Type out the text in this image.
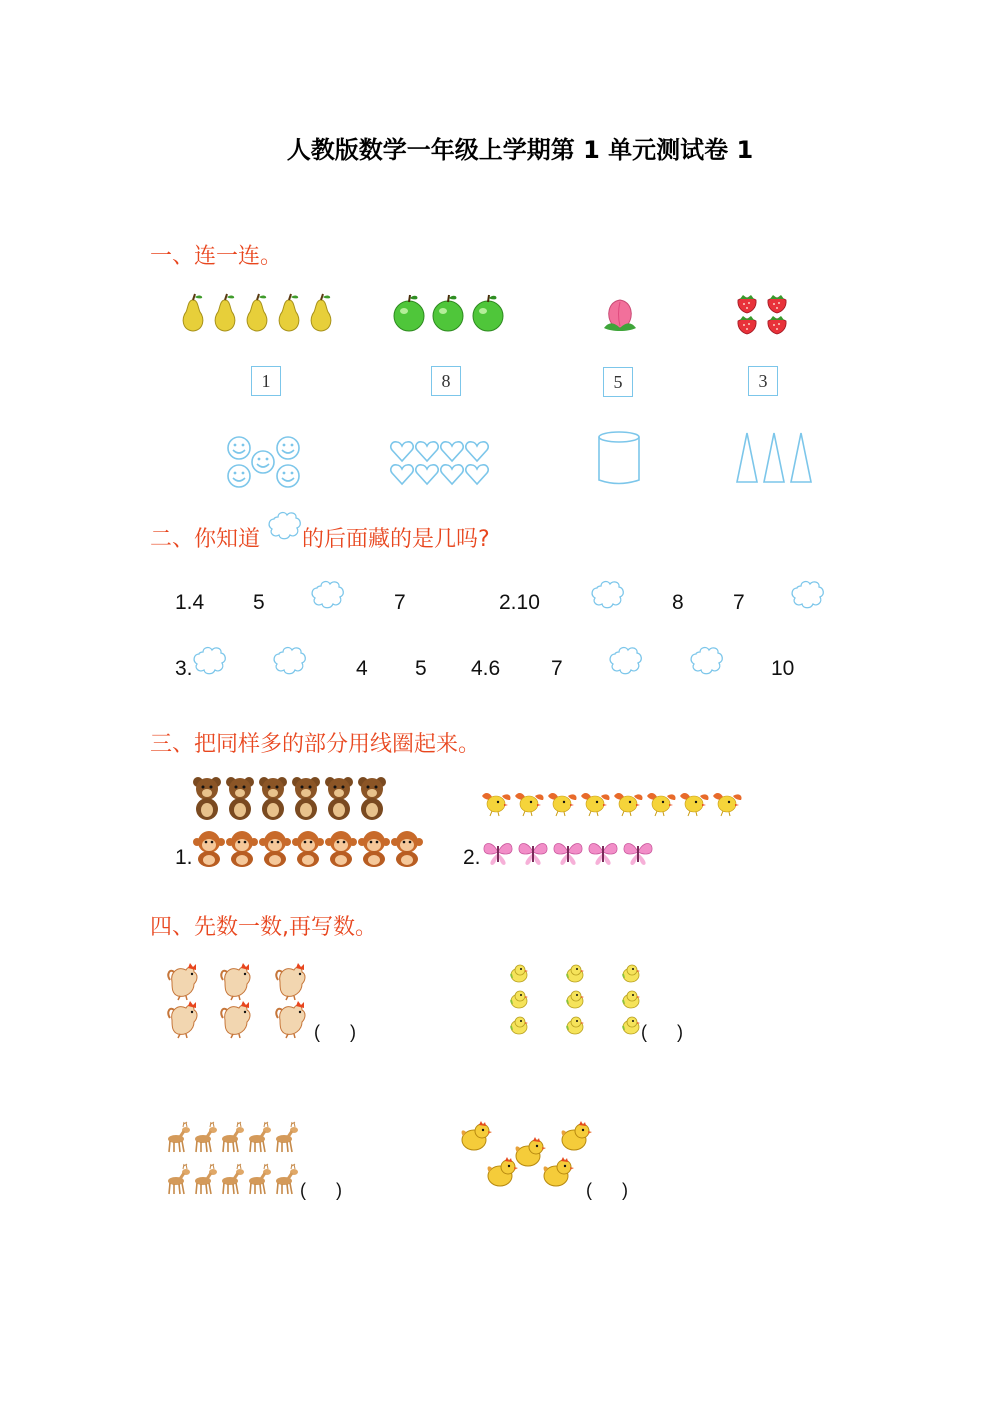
人教版数学一年级上学期第 1 单元测试卷 1
一、连一连。
1	8	5	3
二、你知道 的后面藏的是几吗?
1.4 5	7	2.10	8 7
3.	4 5 4.6 7	10
三、把同样多的部分用线圈起来。
1.	2.
四、先数一数,再写数。
(      )	(      )
(      )	(      )
